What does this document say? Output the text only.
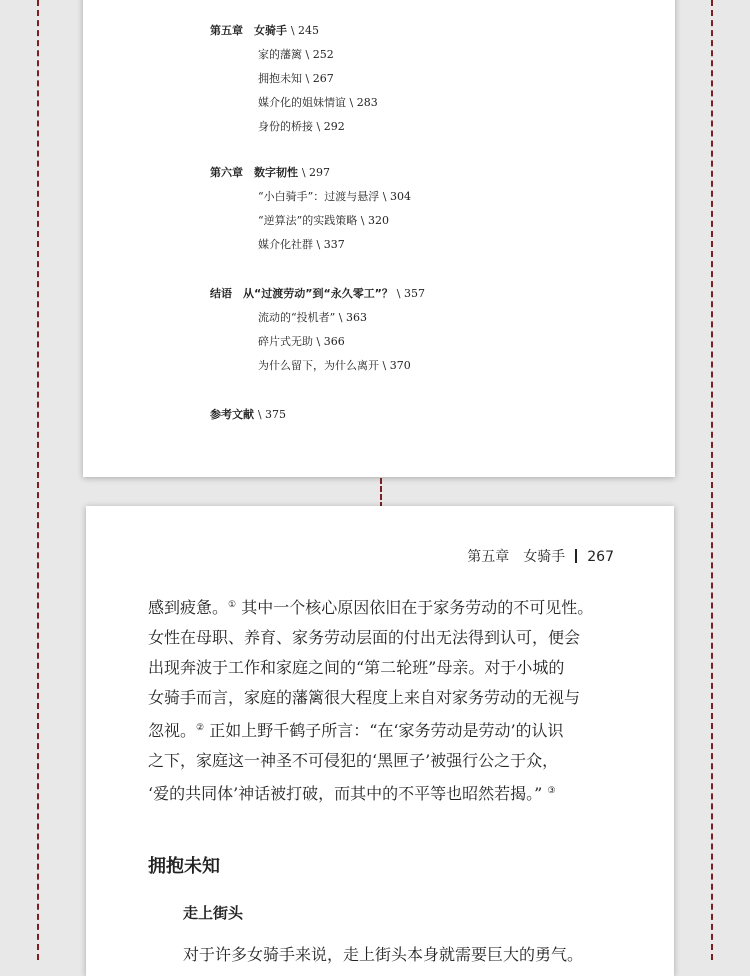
第五章　女骑手 \ 245
家的藩篱 \ 252
拥抱未知 \ 267
媒介化的姐妹情谊 \ 283
身份的桥接 \ 292
第六章　数字韧性 \ 297
“小白骑手”：过渡与悬浮 \ 304
“逆算法”的实践策略 \ 320
媒介化社群 \ 337
结语　从“过渡劳动”到“永久零工”？ \ 357
流动的“投机者” \ 363
碎片式无助 \ 366
为什么留下，为什么离开 \ 370
参考文献 \ 375
第五章　女骑手 267
感到疲惫。① 其中一个核心原因依旧在于家务劳动的不可见性。
女性在母职、养育、家务劳动层面的付出无法得到认可，便会
出现奔波于工作和家庭之间的“第二轮班”母亲。对于小城的
女骑手而言，家庭的藩篱很大程度上来自对家务劳动的无视与
忽视。② 正如上野千鹤子所言：“在‘家务劳动是劳动’的认识
之下，家庭这一神圣不可侵犯的‘黑匣子’被强行公之于众，
‘爱的共同体’神话被打破，而其中的不平等也昭然若揭。” ③
拥抱未知
走上街头
对于许多女骑手来说，走上街头本身就需要巨大的勇气。
